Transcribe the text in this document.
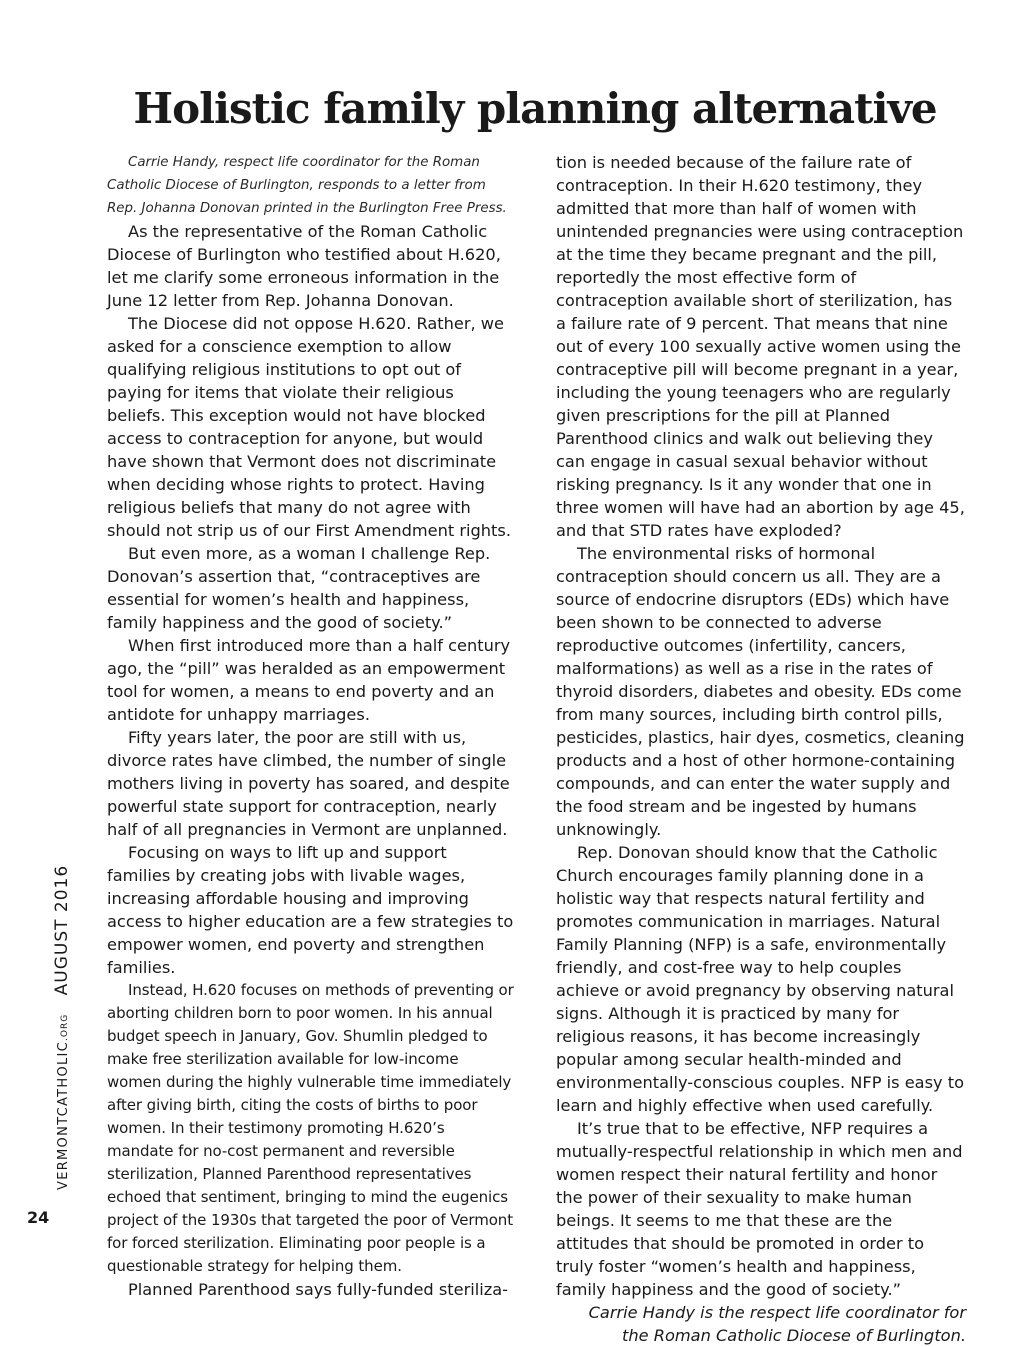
Holistic family planning alternative

Carrie Handy, respect life coordinator for the Roman Catholic Diocese of Burlington, responds to a letter from Rep. Johanna Donovan printed in the Burlington Free Press.

As the representative of the Roman Catholic Diocese of Burlington who testified about H.620, let me clarify some erroneous information in the June 12 letter from Rep. Johanna Donovan.

The Diocese did not oppose H.620. Rather, we asked for a conscience exemption to allow qualifying religious institutions to opt out of paying for items that violate their religious beliefs. This exception would not have blocked access to contraception for anyone, but would have shown that Vermont does not discriminate when deciding whose rights to protect. Having religious beliefs that many do not agree with should not strip us of our First Amendment rights.

But even more, as a woman I challenge Rep. Donovan’s assertion that, “contraceptives are essential for women’s health and happiness, family happiness and the good of society.”

When first introduced more than a half century ago, the “pill” was heralded as an empowerment tool for women, a means to end poverty and an antidote for unhappy marriages.

Fifty years later, the poor are still with us, divorce rates have climbed, the number of single mothers living in poverty has soared, and despite powerful state support for contraception, nearly half of all pregnancies in Vermont are unplanned.

Focusing on ways to lift up and support families by creating jobs with livable wages, increasing affordable housing and improving access to higher education are a few strategies to empower women, end poverty and strengthen families.

Instead, H.620 focuses on methods of preventing or aborting children born to poor women. In his annual budget speech in January, Gov. Shumlin pledged to make free sterilization available for low-income women during the highly vulnerable time immediately after giving birth, citing the costs of births to poor women. In their testimony promoting H.620’s mandate for no-cost permanent and reversible sterilization, Planned Parenthood representatives echoed that sentiment, bringing to mind the eugenics project of the 1930s that targeted the poor of Vermont for forced sterilization. Eliminating poor people is a questionable strategy for helping them.

Planned Parenthood says fully-funded steriliza-

tion is needed because of the failure rate of contraception. In their H.620 testimony, they admitted that more than half of women with unintended pregnancies were using contraception at the time they became pregnant and the pill, reportedly the most effective form of contraception available short of sterilization, has a failure rate of 9 percent. That means that nine out of every 100 sexually active women using the contraceptive pill will become pregnant in a year, including the young teenagers who are regularly given prescriptions for the pill at Planned Parenthood clinics and walk out believing they can engage in casual sexual behavior without risking pregnancy. Is it any wonder that one in three women will have had an abortion by age 45, and that STD rates have exploded?

The environmental risks of hormonal contraception should concern us all. They are a source of endocrine disruptors (EDs) which have been shown to be connected to adverse reproductive outcomes (infertility, cancers, malformations) as well as a rise in the rates of thyroid disorders, diabetes and obesity. EDs come from many sources, including birth control pills, pesticides, plastics, hair dyes, cosmetics, cleaning products and a host of other hormone-containing compounds, and can enter the water supply and the food stream and be ingested by humans unknowingly.

Rep. Donovan should know that the Catholic Church encourages family planning done in a holistic way that respects natural fertility and promotes communication in marriages. Natural Family Planning (NFP) is a safe, environmentally friendly, and cost-free way to help couples achieve or avoid pregnancy by observing natural signs. Although it is practiced by many for religious reasons, it has become increasingly popular among secular health-minded and environmentally-conscious couples. NFP is easy to learn and highly effective when used carefully.

It’s true that to be effective, NFP requires a mutually-respectful relationship in which men and women respect their natural fertility and honor the power of their sexuality to make human beings. It seems to me that these are the attitudes that should be promoted in order to truly foster “women’s health and happiness, family happiness and the good of society.”

Carrie Handy is the respect life coordinator for the Roman Catholic Diocese of Burlington.

VERMONTCATHOLIC.ORG AUGUST 2016
24
